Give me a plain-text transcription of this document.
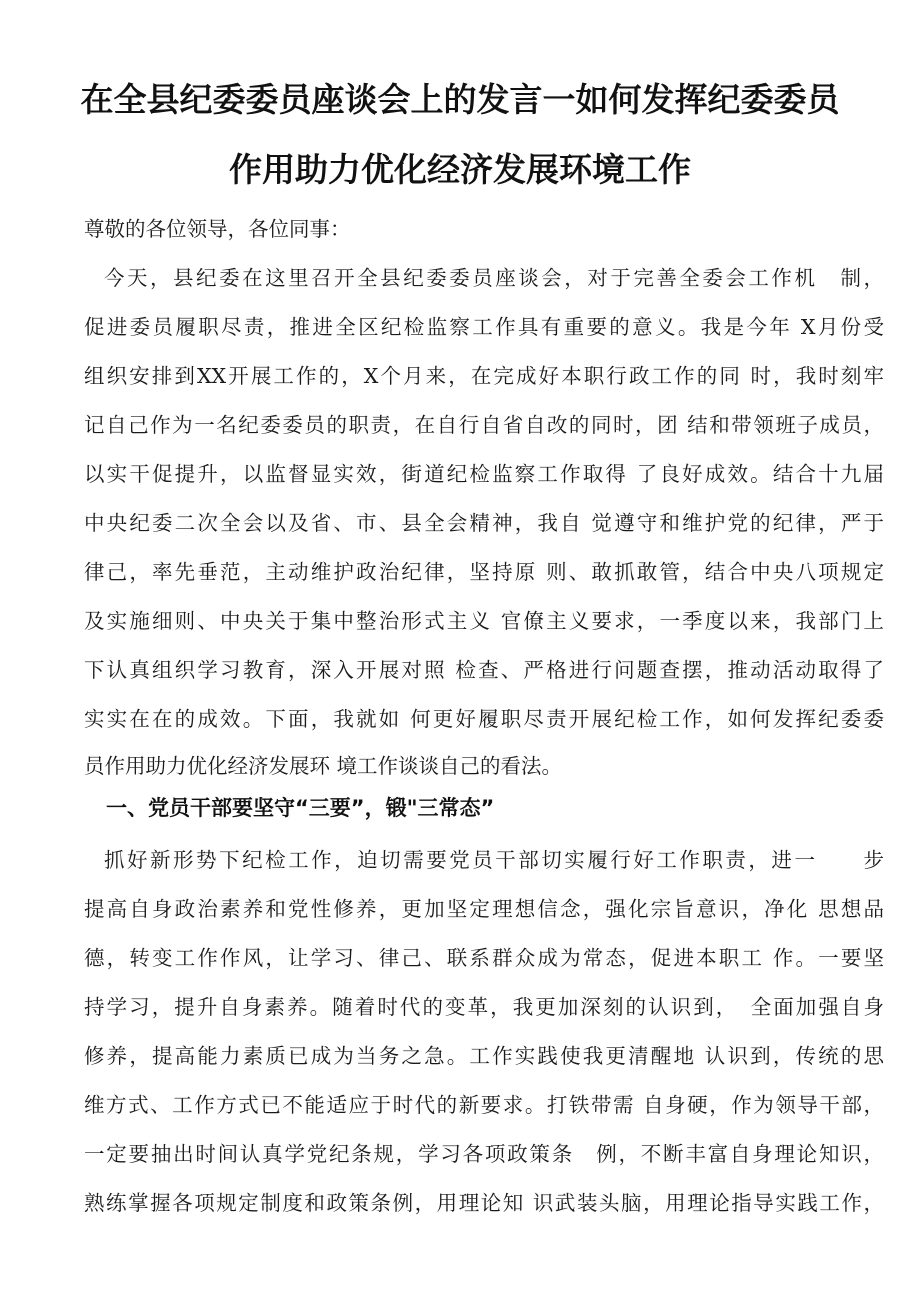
在全县纪委委员座谈会上的发言一如何发挥纪委委员
作用助力优化经济发展环境工作
尊敬的各位领导，各位同事：
今天，县纪委在这里召开全县纪委委员座谈会，对于完善全委会工作机　制，
促进委员履职尽责，推进全区纪检监察工作具有重要的意义。我是今年 X月份受
组织安排到XX开展工作的，X个月来，在完成好本职行政工作的同 时，我时刻牢
记自己作为一名纪委委员的职责，在自行自省自改的同时，团 结和带领班子成员，
以实干促提升，以监督显实效，街道纪检监察工作取得 了良好成效。结合十九届
中央纪委二次全会以及省、市、县全会精神，我自 觉遵守和维护党的纪律，严于
律己，率先垂范，主动维护政治纪律，坚持原 则、敢抓敢管，结合中央八项规定
及实施细则、中央关于集中整治形式主义 官僚主义要求，一季度以来，我部门上
下认真组织学习教育，深入开展对照 检查、严格进行问题查摆，推动活动取得了
实实在在的成效。下面，我就如 何更好履职尽责开展纪检工作，如何发挥纪委委
员作用助力优化经济发展环 境工作谈谈自己的看法。
一、党员干部要坚守“三要”，锻"三常态”
抓好新形势下纪检工作，迫切需要党员干部切实履行好工作职责，进一　　步
提高自身政治素养和党性修养，更加坚定理想信念，强化宗旨意识，净化 思想品
德，转变工作作风，让学习、律己、联系群众成为常态，促进本职工 作。一要坚
持学习，提升自身素养。随着时代的变革，我更加深刻的认识到，　全面加强自身
修养，提高能力素质已成为当务之急。工作实践使我更清醒地 认识到，传统的思
维方式、工作方式已不能适应于时代的新要求。打铁带需 自身硬，作为领导干部，
一定要抽出时间认真学党纪条规，学习各项政策条　例，不断丰富自身理论知识，
熟练掌握各项规定制度和政策条例，用理论知 识武装头脑，用理论指导实践工作，
